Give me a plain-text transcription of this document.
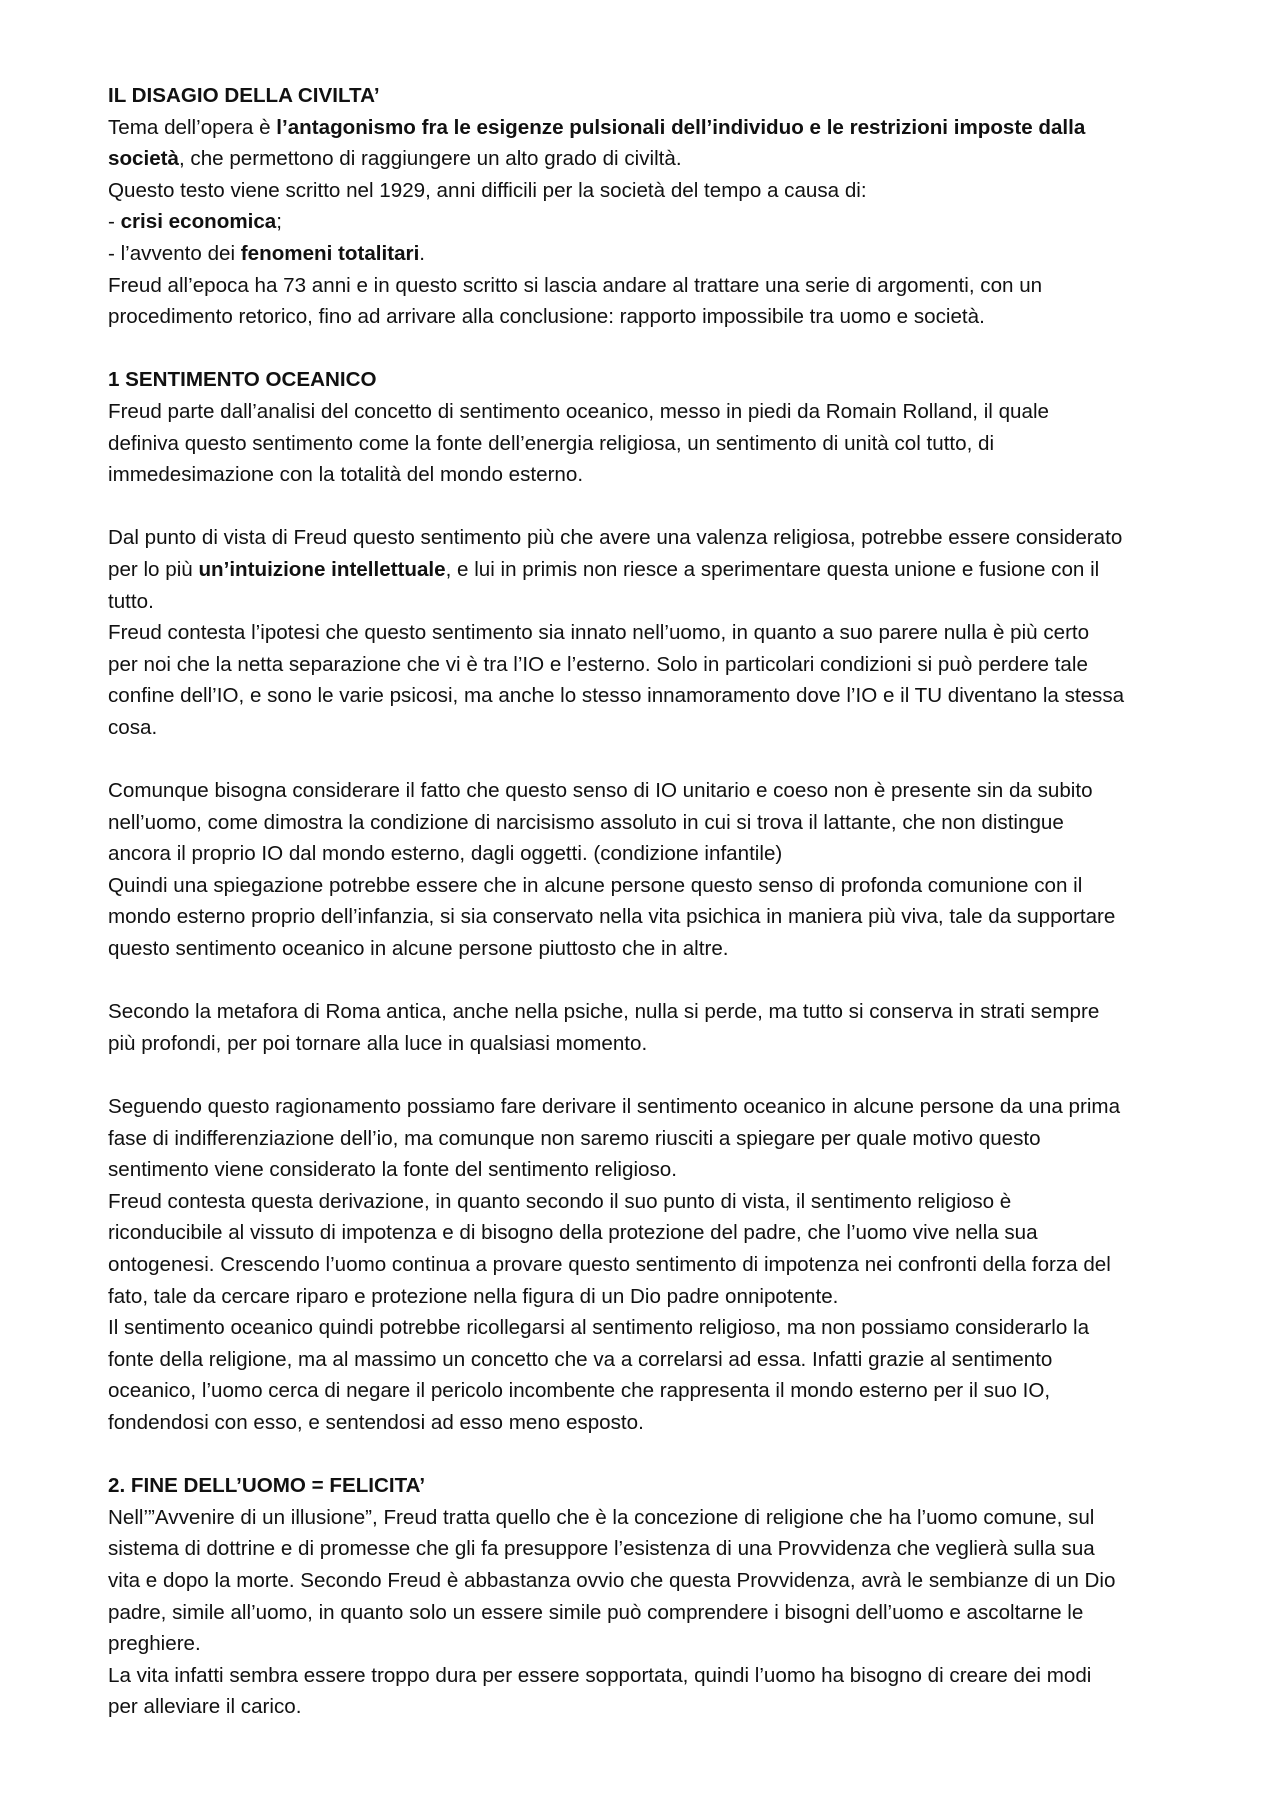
IL DISAGIO DELLA CIVILTA’
Tema dell’opera è l’antagonismo fra le esigenze pulsionali dell’individuo e le restrizioni imposte dalla
società, che permettono di raggiungere un alto grado di civiltà.
Questo testo viene scritto nel 1929, anni difficili per la società del tempo a causa di:
- crisi economica;
- l’avvento dei fenomeni totalitari.
Freud all’epoca ha 73 anni e in questo scritto si lascia andare al trattare una serie di argomenti, con un
procedimento retorico, fino ad arrivare alla conclusione: rapporto impossibile tra uomo e società.
1 SENTIMENTO OCEANICO
Freud parte dall’analisi del concetto di sentimento oceanico, messo in piedi da Romain Rolland, il quale
definiva questo sentimento come la fonte dell’energia religiosa, un sentimento di unità col tutto, di
immedesimazione con la totalità del mondo esterno.
Dal punto di vista di Freud questo sentimento più che avere una valenza religiosa, potrebbe essere considerato
per lo più un’intuizione intellettuale, e lui in primis non riesce a sperimentare questa unione e fusione con il
tutto.
Freud contesta l’ipotesi che questo sentimento sia innato nell’uomo, in quanto a suo parere nulla è più certo
per noi che la netta separazione che vi è tra l’IO e l’esterno. Solo in particolari condizioni si può perdere tale
confine dell’IO, e sono le varie psicosi, ma anche lo stesso innamoramento dove l’IO e il TU diventano la stessa
cosa.
Comunque bisogna considerare il fatto che questo senso di IO unitario e coeso non è presente sin da subito
nell’uomo, come dimostra la condizione di narcisismo assoluto in cui si trova il lattante, che non distingue
ancora il proprio IO dal mondo esterno, dagli oggetti. (condizione infantile)
Quindi una spiegazione potrebbe essere che in alcune persone questo senso di profonda comunione con il
mondo esterno proprio dell’infanzia, si sia conservato nella vita psichica in maniera più viva, tale da supportare
questo sentimento oceanico in alcune persone piuttosto che in altre.
Secondo la metafora di Roma antica, anche nella psiche, nulla si perde, ma tutto si conserva in strati sempre
più profondi, per poi tornare alla luce in qualsiasi momento.
Seguendo questo ragionamento possiamo fare derivare il sentimento oceanico in alcune persone da una prima
fase di indifferenziazione dell’io, ma comunque non saremo riusciti a spiegare per quale motivo questo
sentimento viene considerato la fonte del sentimento religioso.
Freud contesta questa derivazione, in quanto secondo il suo punto di vista, il sentimento religioso è
riconducibile al vissuto di impotenza e di bisogno della protezione del padre, che l’uomo vive nella sua
ontogenesi. Crescendo l’uomo continua a provare questo sentimento di impotenza nei confronti della forza del
fato, tale da cercare riparo e protezione nella figura di un Dio padre onnipotente.
Il sentimento oceanico quindi potrebbe ricollegarsi al sentimento religioso, ma non possiamo considerarlo la
fonte della religione, ma al massimo un concetto che va a correlarsi ad essa. Infatti grazie al sentimento
oceanico, l’uomo cerca di negare il pericolo incombente che rappresenta il mondo esterno per il suo IO,
fondendosi con esso, e sentendosi ad esso meno esposto.
2. FINE DELL’UOMO = FELICITA’
Nell’”Avvenire di un illusione”, Freud tratta quello che è la concezione di religione che ha l’uomo comune, sul
sistema di dottrine e di promesse che gli fa presuppore l’esistenza di una Provvidenza che veglierà sulla sua
vita e dopo la morte. Secondo Freud è abbastanza ovvio che questa Provvidenza, avrà le sembianze di un Dio
padre, simile all’uomo, in quanto solo un essere simile può comprendere i bisogni dell’uomo e ascoltarne le
preghiere.
La vita infatti sembra essere troppo dura per essere sopportata, quindi l’uomo ha bisogno di creare dei modi
per alleviare il carico.
